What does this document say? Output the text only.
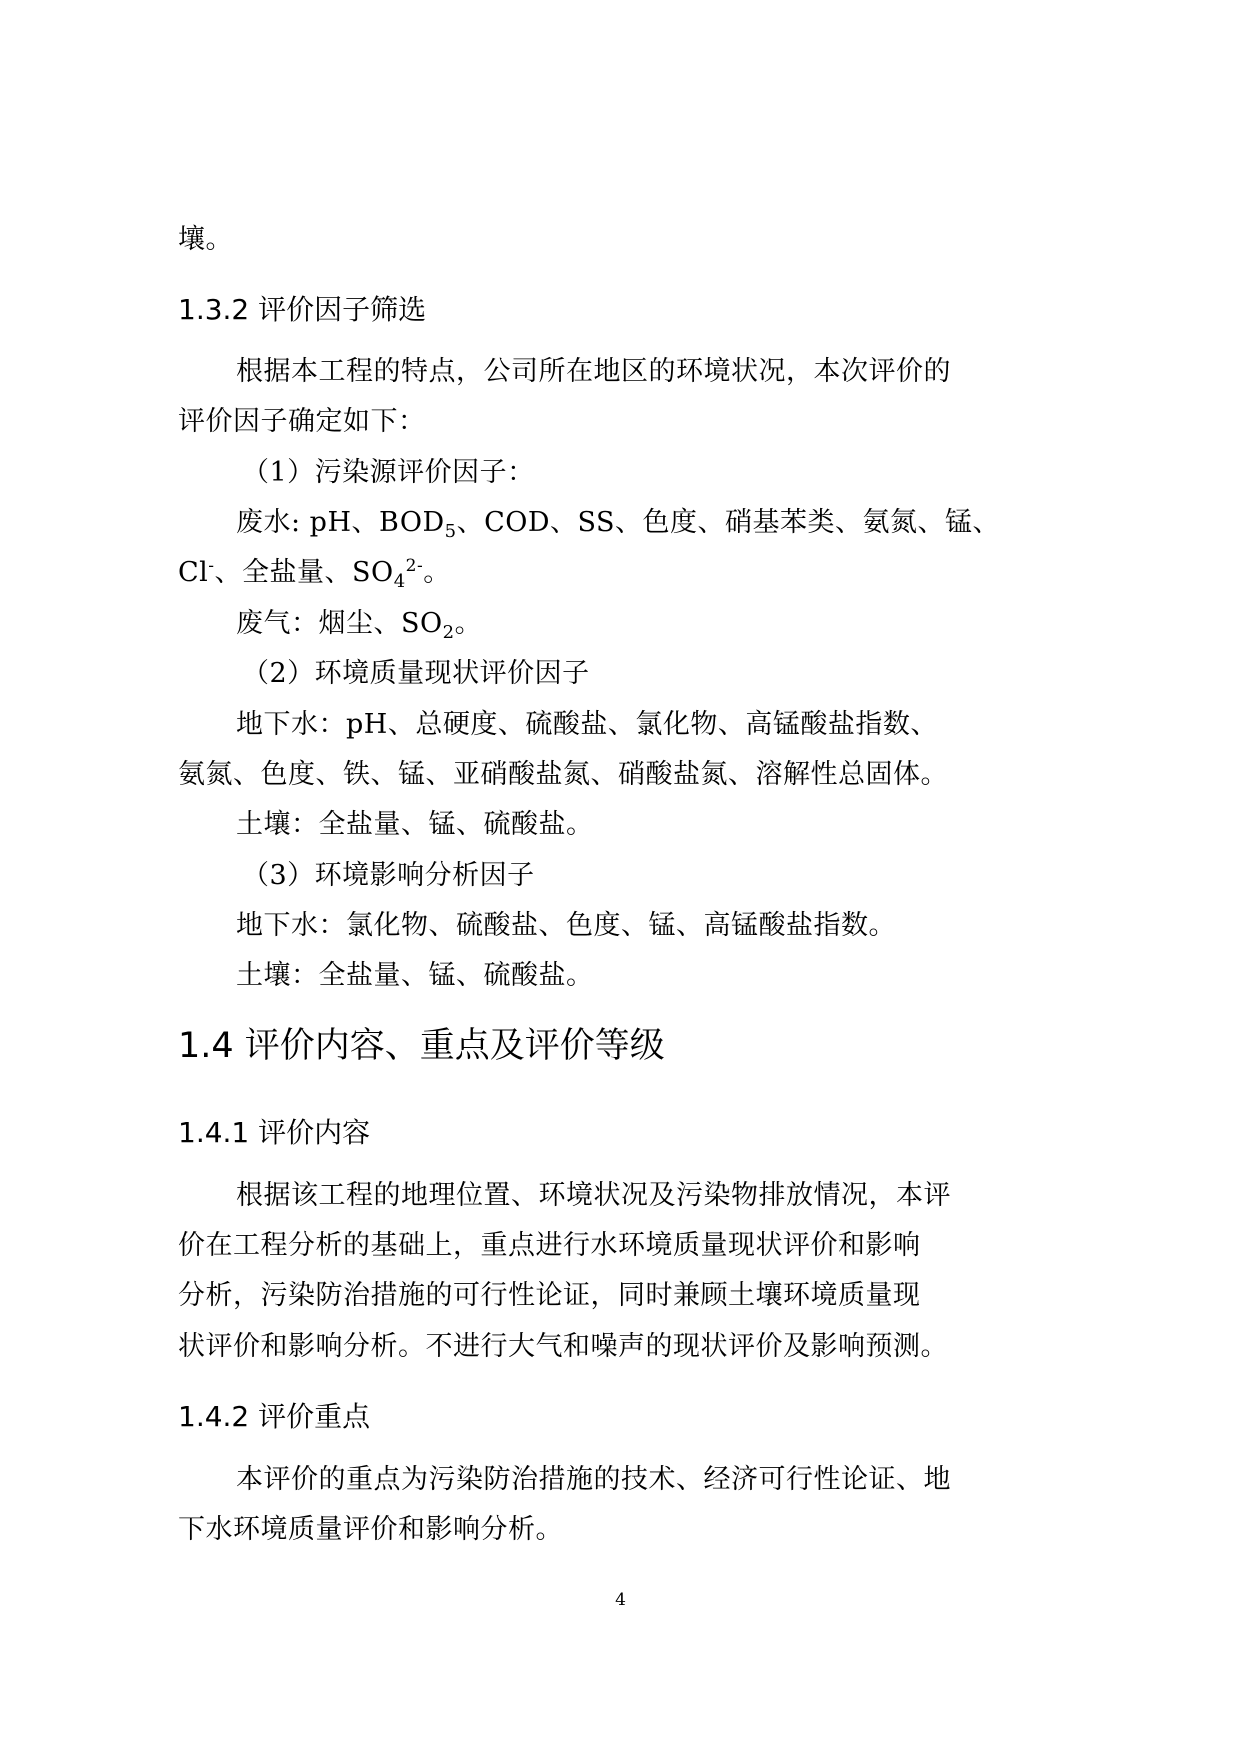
壤。
1.3.2 评价因子筛选
根据本工程的特点，公司所在地区的环境状况，本次评价的
评价因子确定如下：
（1）污染源评价因子：
废水: pH、$BOD_5$、COD、SS、色度、硝基苯类、氨氮、锰、
Cl-、全盐量、$SO_4^{2-}$。
废气：烟尘、$SO_2$。
（2）环境质量现状评价因子
地下水：pH、总硬度、硫酸盐、氯化物、高锰酸盐指数、
氨氮、色度、铁、锰、亚硝酸盐氮、硝酸盐氮、溶解性总固体。
土壤：全盐量、锰、硫酸盐。
（3）环境影响分析因子
地下水：氯化物、硫酸盐、色度、锰、高锰酸盐指数。
土壤：全盐量、锰、硫酸盐。
1.4 评价内容、重点及评价等级
1.4.1 评价内容
根据该工程的地理位置、环境状况及污染物排放情况，本评
价在工程分析的基础上，重点进行水环境质量现状评价和影响
分析，污染防治措施的可行性论证，同时兼顾土壤环境质量现
状评价和影响分析。不进行大气和噪声的现状评价及影响预测。
1.4.2 评价重点
本评价的重点为污染防治措施的技术、经济可行性论证、地
下水环境质量评价和影响分析。
4
